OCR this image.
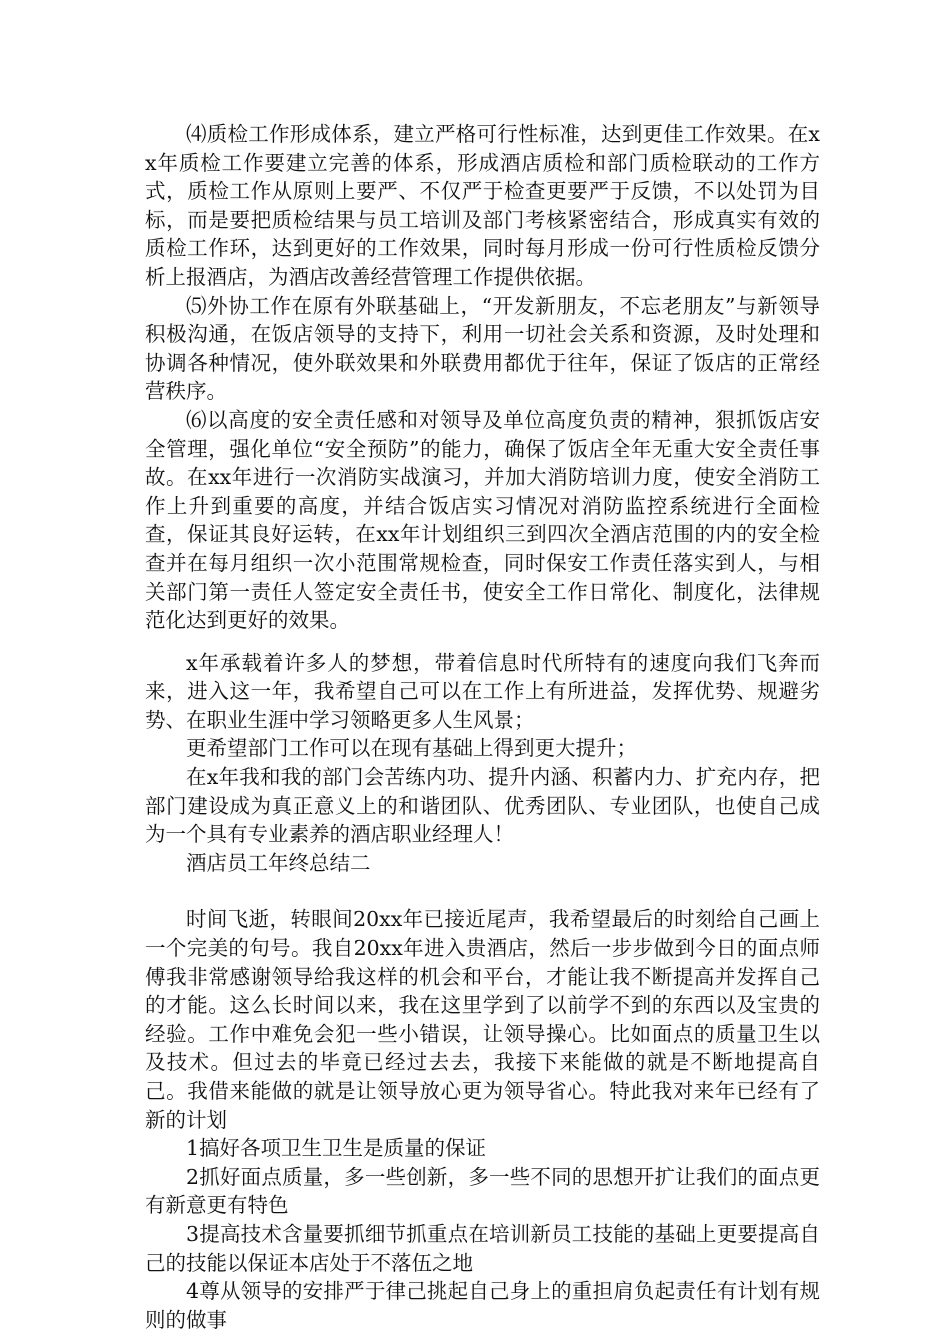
⑷质检工作形成体系，建立严格可行性标准，达到更佳工作效果。在xx年质检工作要建立完善的体系，形成酒店质检和部门质检联动的工作方式，质检工作从原则上要严、不仅严于检查更要严于反馈，不以处罚为目标，而是要把质检结果与员工培训及部门考核紧密结合，形成真实有效的质检工作环，达到更好的工作效果，同时每月形成一份可行性质检反馈分析上报酒店，为酒店改善经营管理工作提供依据。

⑸外协工作在原有外联基础上，“开发新朋友，不忘老朋友”与新领导积极沟通，在饭店领导的支持下，利用一切社会关系和资源，及时处理和协调各种情况，使外联效果和外联费用都优于往年，保证了饭店的正常经营秩序。

⑹以高度的安全责任感和对领导及单位高度负责的精神，狠抓饭店安全管理，强化单位“安全预防”的能力，确保了饭店全年无重大安全责任事故。在xx年进行一次消防实战演习，并加大消防培训力度，使安全消防工作上升到重要的高度，并结合饭店实习情况对消防监控系统进行全面检查，保证其良好运转，在xx年计划组织三到四次全酒店范围的内的安全检查并在每月组织一次小范围常规检查，同时保安工作责任落实到人，与相关部门第一责任人签定安全责任书，使安全工作日常化、制度化，法律规范化达到更好的效果。

x年承载着许多人的梦想，带着信息时代所特有的速度向我们飞奔而来，进入这一年，我希望自己可以在工作上有所进益，发挥优势、规避劣势、在职业生涯中学习领略更多人生风景；

更希望部门工作可以在现有基础上得到更大提升；

在x年我和我的部门会苦练内功、提升内涵、积蓄内力、扩充内存，把部门建设成为真正意义上的和谐团队、优秀团队、专业团队，也使自己成为一个具有专业素养的酒店职业经理人！

酒店员工年终总结二

时间飞逝，转眼间20xx年已接近尾声，我希望最后的时刻给自己画上一个完美的句号。我自20xx年进入贵酒店，然后一步步做到今日的面点师傅我非常感谢领导给我这样的机会和平台，才能让我不断提高并发挥自己的才能。这么长时间以来，我在这里学到了以前学不到的东西以及宝贵的经验。工作中难免会犯一些小错误，让领导操心。比如面点的质量卫生以及技术。但过去的毕竟已经过去去，我接下来能做的就是不断地提高自己。我借来能做的就是让领导放心更为领导省心。特此我对来年已经有了新的计划

1搞好各项卫生卫生是质量的保证

2抓好面点质量，多一些创新，多一些不同的思想开扩让我们的面点更有新意更有特色

3提高技术含量要抓细节抓重点在培训新员工技能的基础上更要提高自己的技能以保证本店处于不落伍之地

4尊从领导的安排严于律己挑起自己身上的重担肩负起责任有计划有规则的做事
